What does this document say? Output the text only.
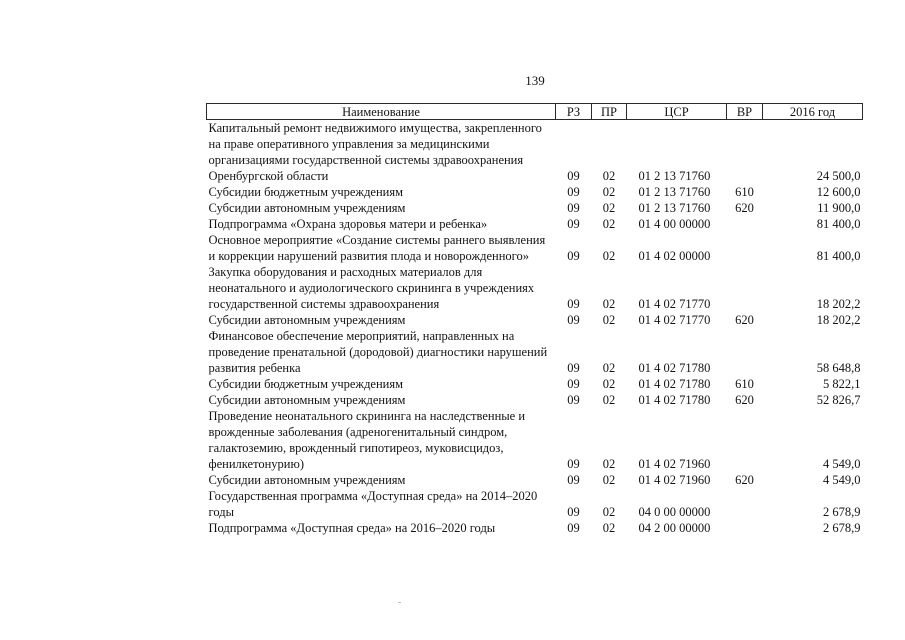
139
Наименование	РЗ	ПР	ЦСР	ВР	2016 год
Капитальный ремонт недвижимого имущества, закрепленного на праве оперативного управления за медицинскими организациями государственной системы здравоохранения Оренбургской области	09	02	01 2 13 71760		24 500,0
Субсидии бюджетным учреждениям	09	02	01 2 13 71760	610	12 600,0
Субсидии автономным учреждениям	09	02	01 2 13 71760	620	11 900,0
Подпрограмма «Охрана здоровья матери и ребенка»	09	02	01 4 00 00000		81 400,0
Основное мероприятие «Создание системы раннего выявления и коррекции нарушений развития плода и новорожденного»	09	02	01 4 02 00000		81 400,0
Закупка оборудования и расходных материалов для неонатального и аудиологического скрининга в учреждениях государственной системы здравоохранения	09	02	01 4 02 71770		18 202,2
Субсидии автономным учреждениям	09	02	01 4 02 71770	620	18 202,2
Финансовое обеспечение мероприятий, направленных на проведение пренатальной (дородовой) диагностики нарушений развития ребенка	09	02	01 4 02 71780		58 648,8
Субсидии бюджетным учреждениям	09	02	01 4 02 71780	610	5 822,1
Субсидии автономным учреждениям	09	02	01 4 02 71780	620	52 826,7
Проведение неонатального скрининга на наследственные и врожденные заболевания (адреногенитальный синдром, галактоземию, врожденный гипотиреоз, муковисцидоз, фенилкетонурию)	09	02	01 4 02 71960		4 549,0
Субсидии автономным учреждениям	09	02	01 4 02 71960	620	4 549,0
Государственная программа «Доступная среда» на 2014–2020 годы	09	02	04 0 00 00000		2 678,9
Подпрограмма «Доступная среда» на 2016–2020 годы	09	02	04 2 00 00000		2 678,9
